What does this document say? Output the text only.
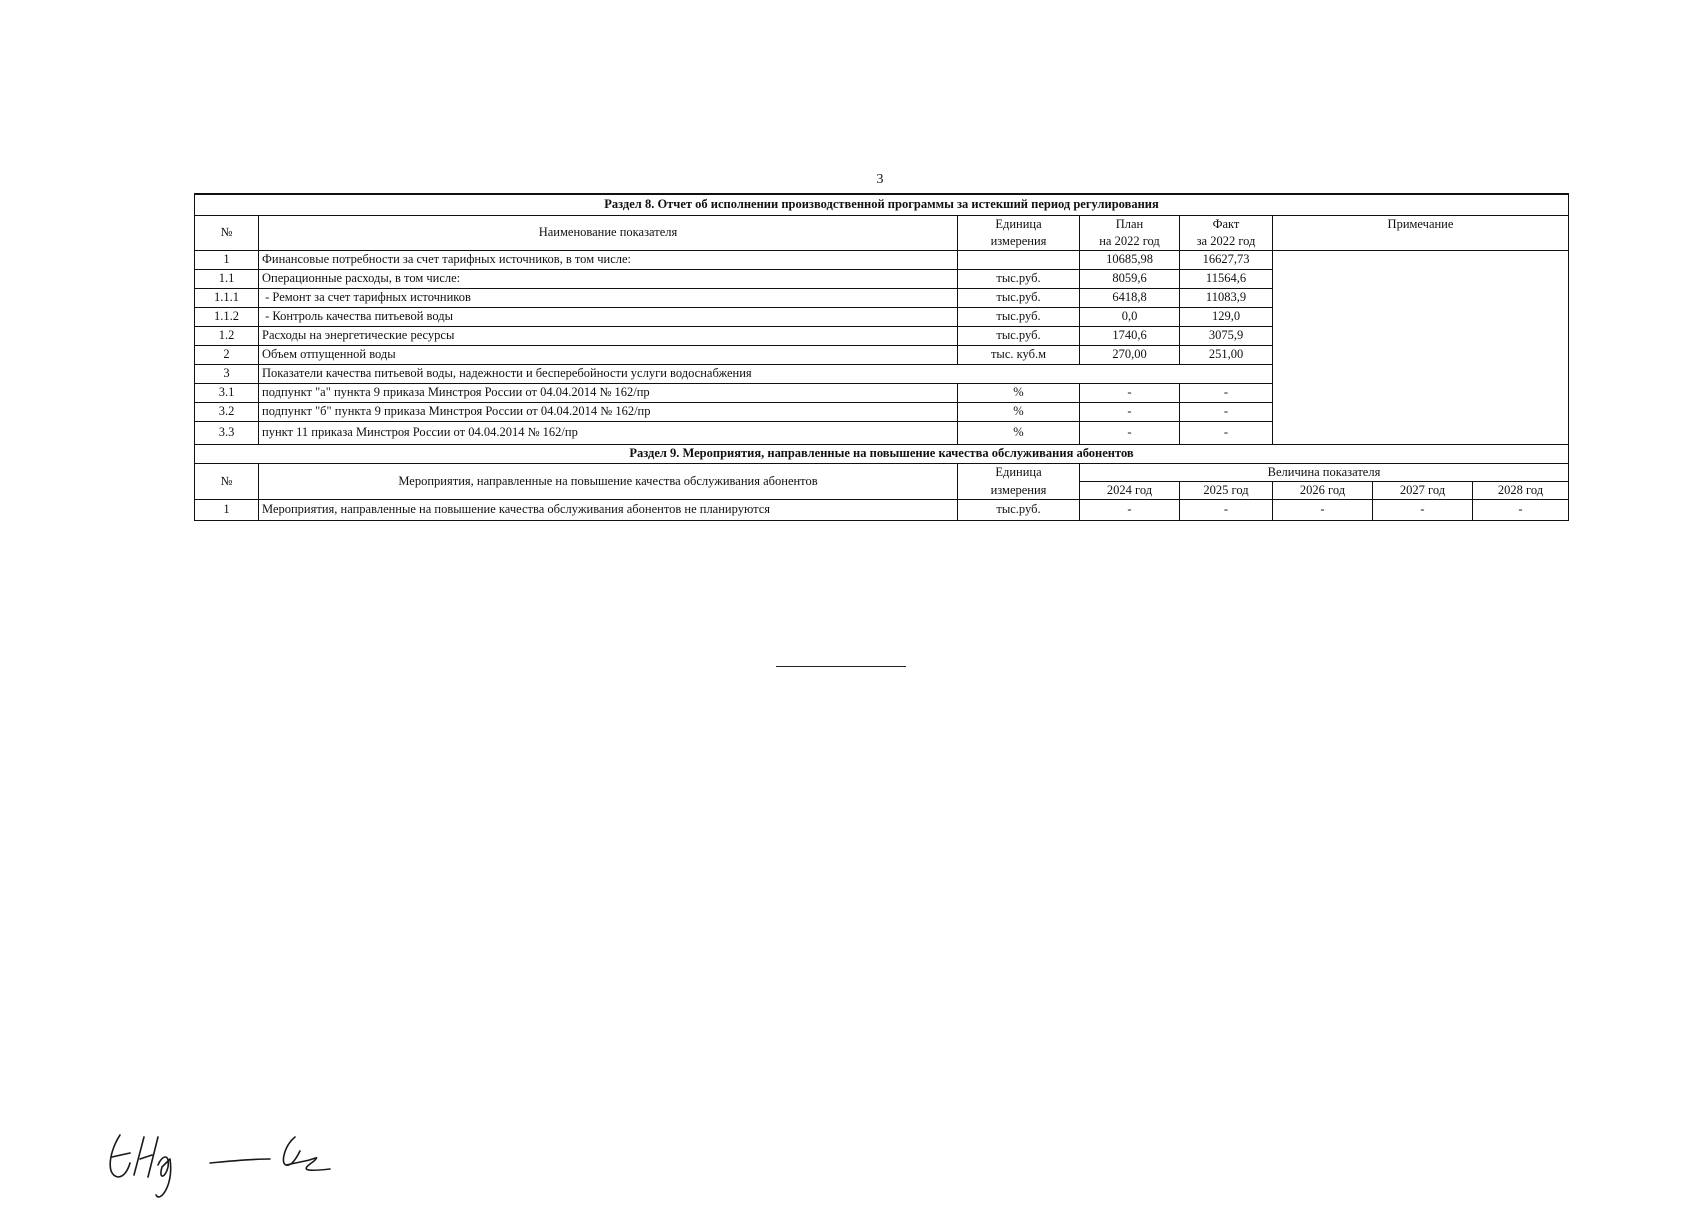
3
Раздел 8. Отчет об исполнении производственной программы за истекший период регулирования							
№	Наименование показателя	Единица	План	Факт	Примечание		
		измерения	на 2022 год	за 2022 год			
1	Финансовые потребности за счет тарифных источников, в том числе:		10685,98	16627,73			
1.1	Операционные расходы, в том числе:	тыс.руб.	8059,6	11564,6			
1.1.1	- Ремонт за счет тарифных источников	тыс.руб.	6418,8	11083,9			
1.1.2	- Контроль качества питьевой воды	тыс.руб.	0,0	129,0			
1.2	Расходы на энергетические ресурсы	тыс.руб.	1740,6	3075,9			
2	Объем отпущенной воды	тыс. куб.м	270,00	251,00			
3	Показатели качества питьевой воды, надежности и бесперебойности услуги водоснабжения						
3.1	подпункт "а" пункта 9 приказа Минстроя России от 04.04.2014 № 162/пр	%	-	-			
3.2	подпункт "б" пункта 9 приказа Минстроя России от 04.04.2014 № 162/пр	%	-	-			
3.3	пункт 11 приказа Минстроя России от 04.04.2014 № 162/пр	%	-	-			
Раздел 9. Мероприятия, направленные на повышение качества обслуживания абонентов							
№	Мероприятия, направленные на повышение качества обслуживания абонентов	Единица	Величина показателя				
		измерения	2024 год	2025 год	2026 год	2027 год	2028 год
1	Мероприятия, направленные на повышение качества обслуживания абонентов не планируются	тыс.руб.	-	-	-	-	-
